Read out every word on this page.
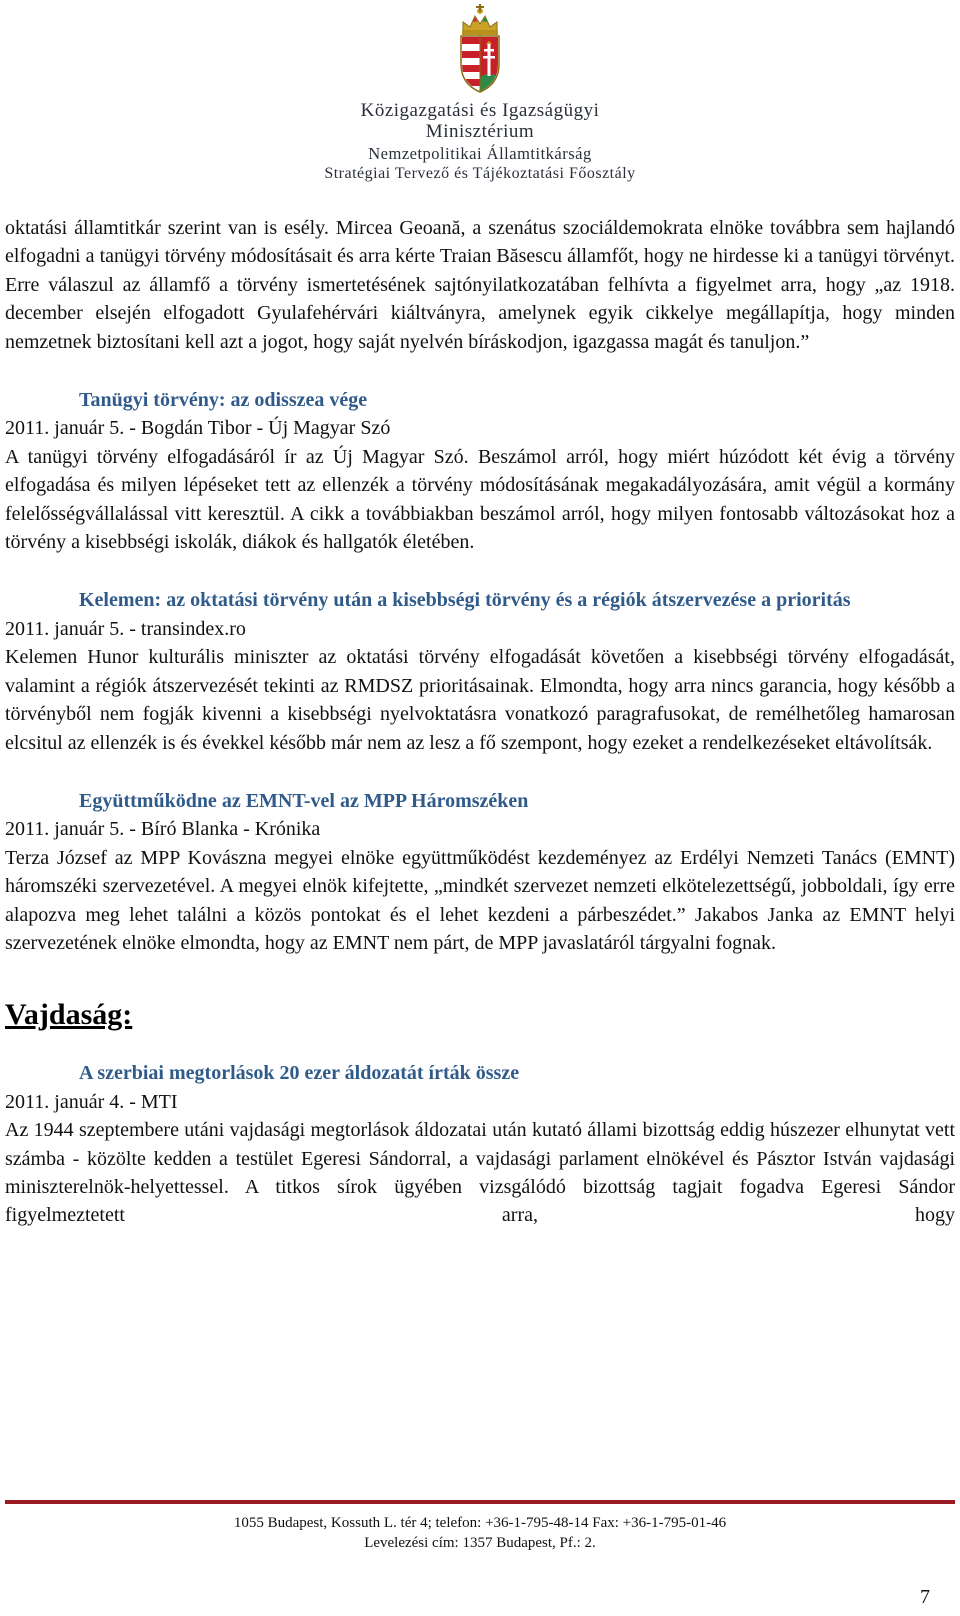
Közigazgatási és Igazságügyi
Minisztérium
Nemzetpolitikai Államtitkárság
Stratégiai Tervező és Tájékoztatási Főosztály

oktatási államtitkár szerint van is esély. Mircea Geoană, a szenátus szociáldemokrata elnöke továbbra sem hajlandó elfogadni a tanügyi törvény módosításait és arra kérte Traian Băsescu államfőt, hogy ne hirdesse ki a tanügyi törvényt. Erre válaszul az államfő a törvény ismertetésének sajtónyilatkozatában felhívta a figyelmet arra, hogy „az 1918. december elsején elfogadott Gyulafehérvári kiáltványra, amelynek egyik cikkelye megállapítja, hogy minden nemzetnek biztosítani kell azt a jogot, hogy saját nyelvén bíráskodjon, igazgassa magát és tanuljon.”

Tanügyi törvény: az odisszea vége
2011. január 5. - Bogdán Tibor - Új Magyar Szó

A tanügyi törvény elfogadásáról ír az Új Magyar Szó. Beszámol arról, hogy miért húzódott két évig a törvény elfogadása és milyen lépéseket tett az ellenzék a törvény módosításának megakadályozására, amit végül a kormány felelősségvállalással vitt keresztül. A cikk a továbbiakban beszámol arról, hogy milyen fontosabb változásokat hoz a törvény a kisebbségi iskolák, diákok és hallgatók életében.

Kelemen: az oktatási törvény után a kisebbségi törvény és a régiók átszervezése a prioritás
2011. január 5. - transindex.ro

Kelemen Hunor kulturális miniszter az oktatási törvény elfogadását követően a kisebbségi törvény elfogadását, valamint a régiók átszervezését tekinti az RMDSZ prioritásainak. Elmondta, hogy arra nincs garancia, hogy később a törvényből nem fogják kivenni a kisebbségi nyelvoktatásra vonatkozó paragrafusokat, de remélhetőleg hamarosan elcsitul az ellenzék is és évekkel később már nem az lesz a fő szempont, hogy ezeket a rendelkezéseket eltávolítsák.

Együttműködne az EMNT-vel az MPP Háromszéken
2011. január 5. - Bíró Blanka - Krónika

Terza József az MPP Kovászna megyei elnöke együttműködést kezdeményez az Erdélyi Nemzeti Tanács (EMNT) háromszéki szervezetével. A megyei elnök kifejtette, „mindkét szervezet nemzeti elkötelezettségű, jobboldali, így erre alapozva meg lehet találni a közös pontokat és el lehet kezdeni a párbeszédet.” Jakabos Janka az EMNT helyi szervezetének elnöke elmondta, hogy az EMNT nem párt, de MPP javaslatáról tárgyalni fognak.

Vajdaság:
A szerbiai megtorlások 20 ezer áldozatát írták össze
2011. január 4. - MTI

Az 1944 szeptembere utáni vajdasági megtorlások áldozatai után kutató állami bizottság eddig húszezer elhunytat vett számba - közölte kedden a testület Egeresi Sándorral, a vajdasági parlament elnökével és Pásztor István vajdasági miniszterelnök-helyettessel. A titkos sírok ügyében vizsgálódó bizottság tagjait fogadva Egeresi Sándor figyelmeztetett arra, hogy

1055 Budapest, Kossuth L. tér 4; telefon: +36-1-795-48-14 Fax: +36-1-795-01-46
Levelezési cím: 1357 Budapest, Pf.: 2.
7
